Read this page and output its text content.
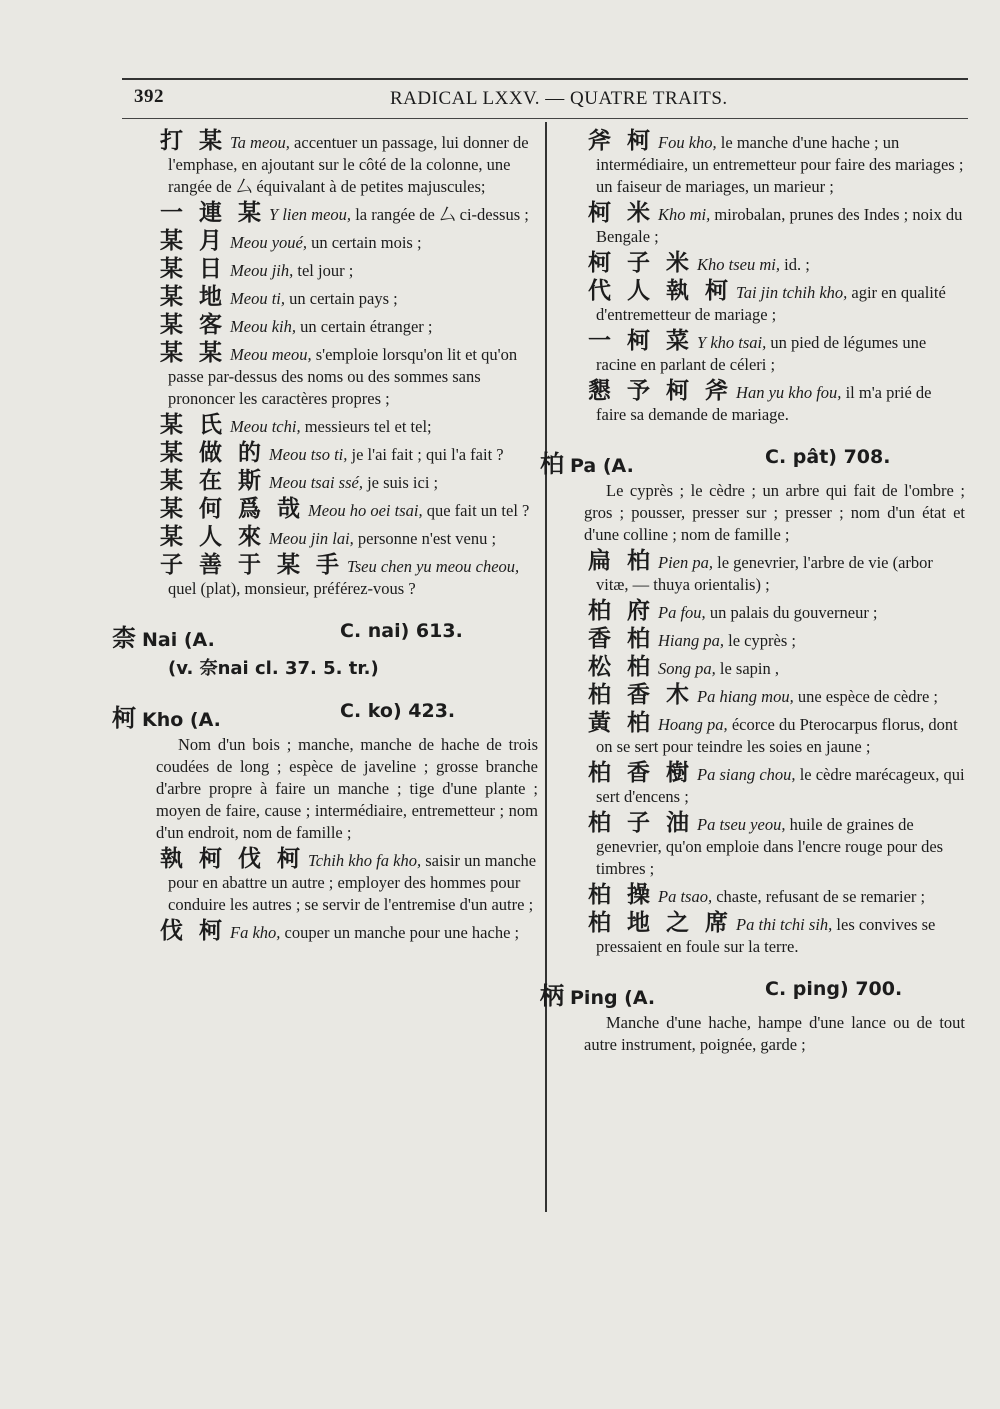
392	RADICAL LXXV. — QUATRE TRAITS.
打 某 Ta meou, accentuer un passage, lui donner de l'emphase, en ajoutant sur le côté de la colonne, une rangée de 厶 équivalant à de petites majuscules;
一 連 某 Y lien meou, la rangée de 厶 ci-dessus ;
某 月 Meou youé, un certain mois ;
某 日 Meou jih, tel jour ;
某 地 Meou ti, un certain pays ;
某 客 Meou kih, un certain étranger ;
某 某 Meou meou, s'emploie lorsqu'on lit et qu'on passe par-dessus des noms ou des sommes sans prononcer les caractères propres ;
某 氏 Meou tchi, messieurs tel et tel;
某 做 的 Meou tso ti, je l'ai fait ; qui l'a fait ?
某 在 斯 Meou tsai ssé, je suis ici ;
某 何 爲 哉 Meou ho oei tsai, que fait un tel ?
某 人 來 Meou jin lai, personne n'est venu ;
子 善 于 某 手 Tseu chen yu meou cheou, quel (plat), monsieur, préférez-vous ?
柰 Nai (A.	C. nai) 613.
(v. 奈nai cl. 37. 5. tr.)
柯 Kho (A.	C. ko) 423.
Nom d'un bois ; manche, manche de hache de trois coudées de long ; espèce de javeline ; grosse branche d'arbre propre à faire un manche ; tige d'une plante ; moyen de faire, cause ; intermédiaire, entremetteur ; nom d'un endroit, nom de famille ;
執 柯 伐 柯 Tchih kho fa kho, saisir un manche pour en abattre un autre ; employer des hommes pour conduire les autres ; se servir de l'entremise d'un autre ;
伐 柯 Fa kho, couper un manche pour une hache ;
斧 柯 Fou kho, le manche d'une hache ; un intermédiaire, un entremetteur pour faire des mariages ; un faiseur de mariages, un marieur ;
柯 米 Kho mi, mirobalan, prunes des Indes ; noix du Bengale ;
柯 子 米 Kho tseu mi, id. ;
代 人 執 柯 Tai jin tchih kho, agir en qualité d'entremetteur de mariage ;
一 柯 菜 Y kho tsai, un pied de légumes une racine en parlant de céleri ;
懇 予 柯 斧 Han yu kho fou, il m'a prié de faire sa demande de mariage.
柏 Pa (A.	C. pât) 708.
Le cyprès ; le cèdre ; un arbre qui fait de l'ombre ; gros ; pousser, presser sur ; presser ; nom d'un état et d'une colline ; nom de famille ;
扁 柏 Pien pa, le genevrier, l'arbre de vie (arbor vitæ, — thuya orientalis) ;
柏 府 Pa fou, un palais du gouverneur ;
香 柏 Hiang pa, le cyprès ;
松 柏 Song pa, le sapin ,
柏 香 木 Pa hiang mou, une espèce de cèdre ;
黃 柏 Hoang pa, écorce du Pterocarpus florus, dont on se sert pour teindre les soies en jaune ;
柏 香 樹 Pa siang chou, le cèdre marécageux, qui sert d'encens ;
柏 子 油 Pa tseu yeou, huile de graines de genevrier, qu'on emploie dans l'encre rouge pour des timbres ;
柏 操 Pa tsao, chaste, refusant de se remarier ;
柏 地 之 席 Pa thi tchi sih, les convives se pressaient en foule sur la terre.
柄 Ping (A.	C. ping) 700.
Manche d'une hache, hampe d'une lance ou de tout autre instrument, poignée, garde ;
